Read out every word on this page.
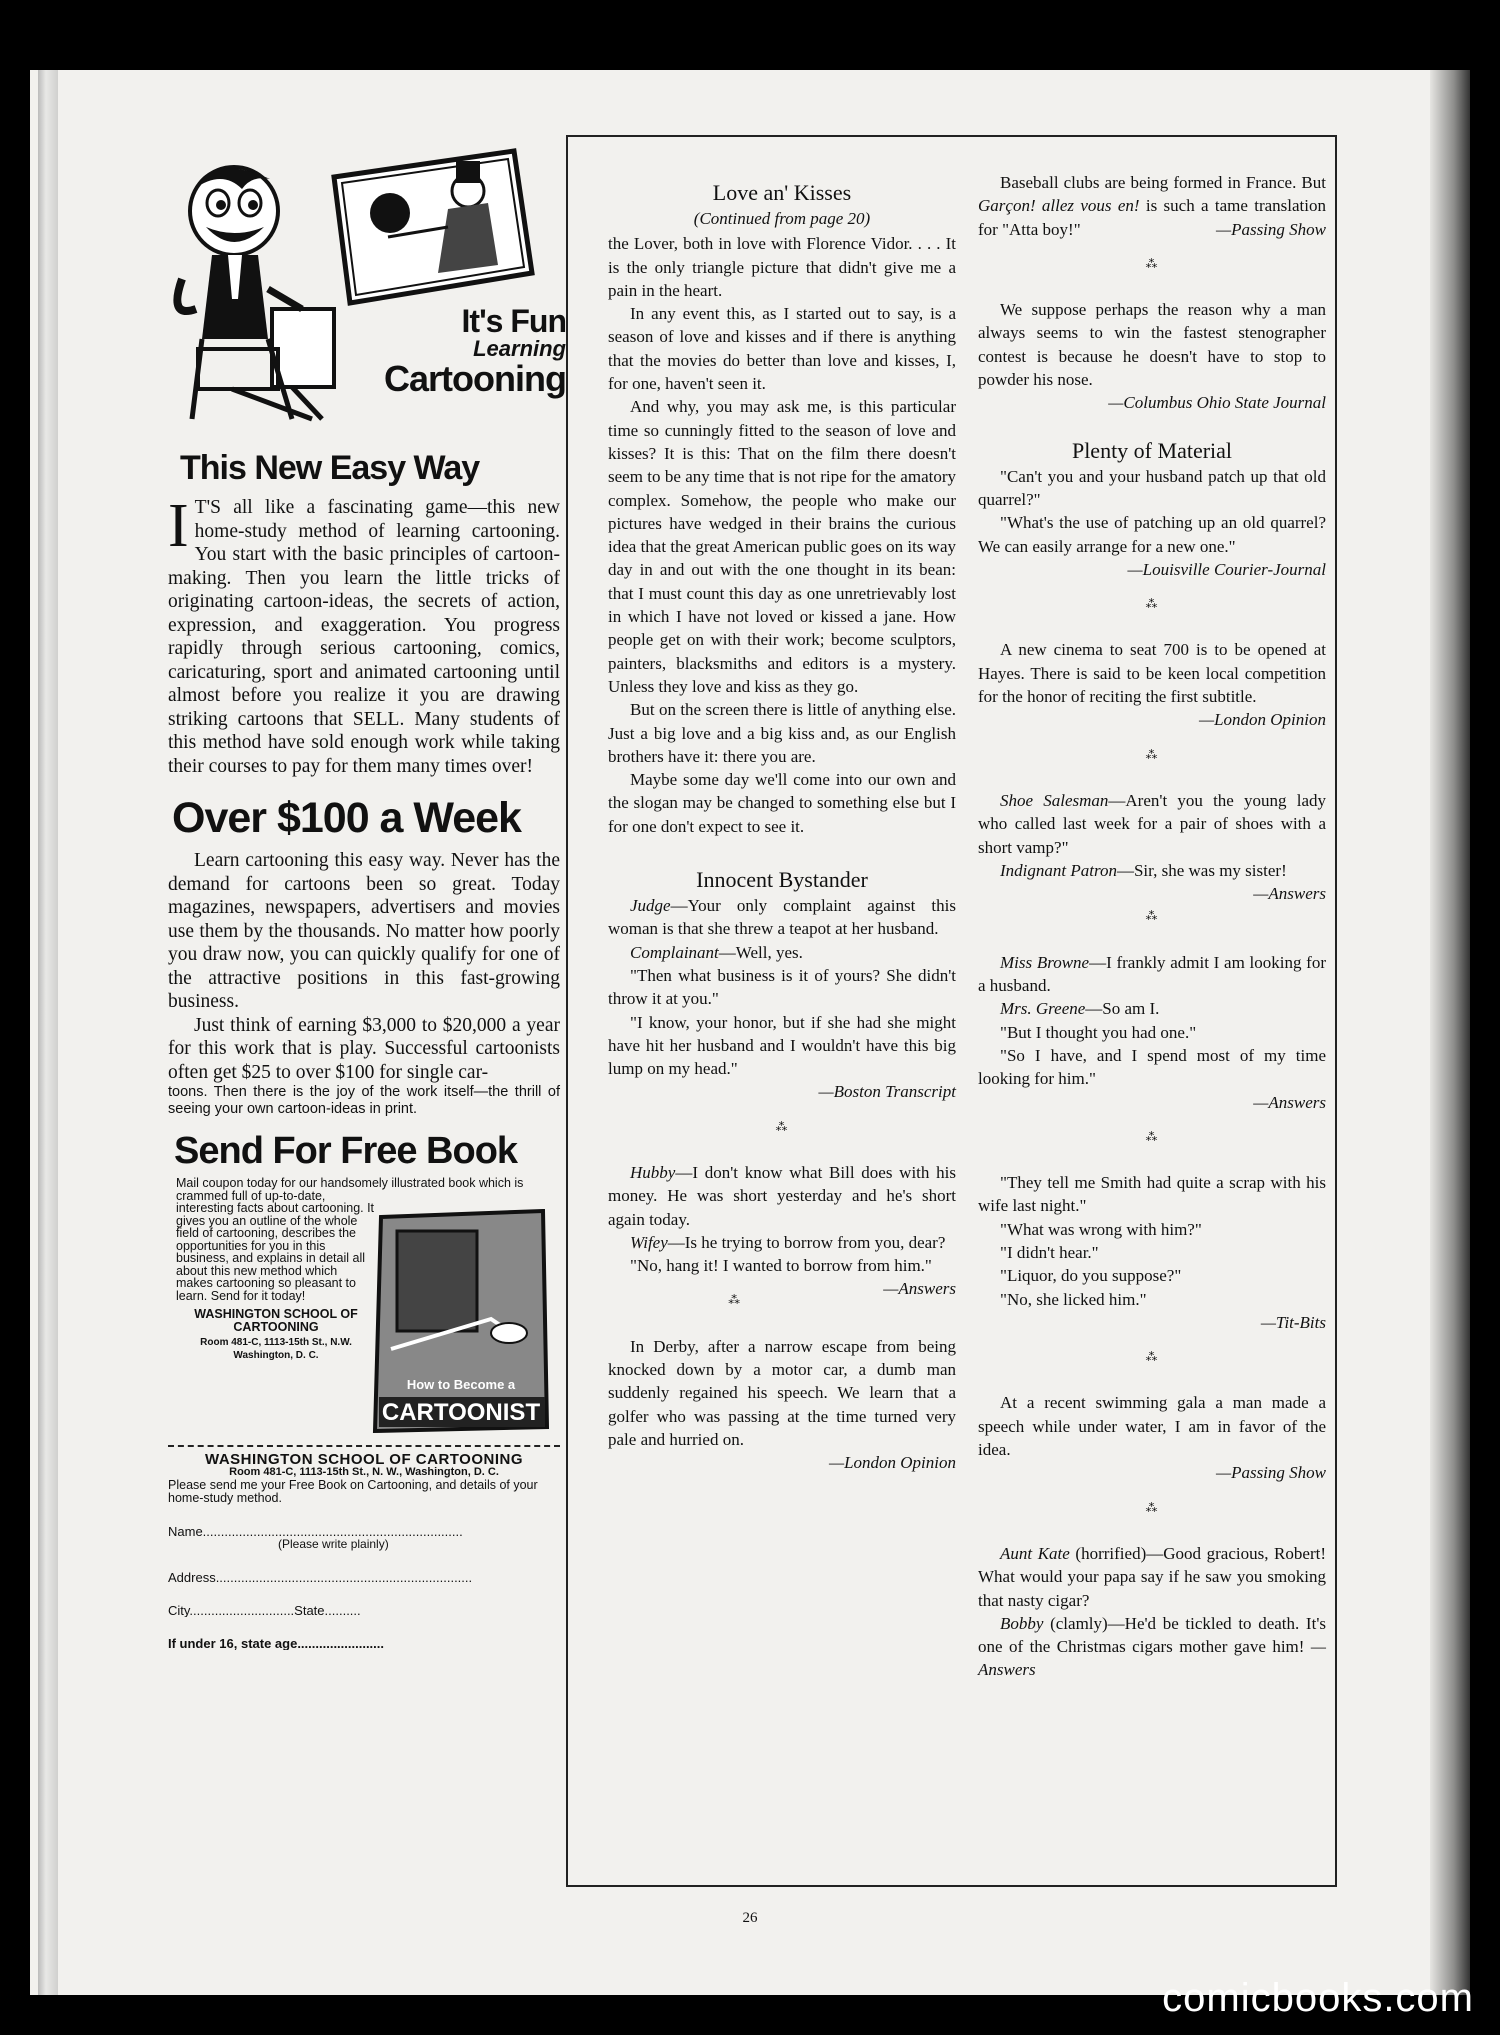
It's Fun
Learning
Cartooning
This New Easy Way
I T'S all like a fascinating game—this new home-study method of learning cartooning. You start with the basic principles of cartoon-making. Then you learn the little tricks of originating cartoon-ideas, the secrets of action, expression, and exaggeration. You progress rapidly through serious cartooning, comics, caricaturing, sport and animated cartooning until almost before you realize it you are drawing striking cartoons that SELL. Many students of this method have sold enough work while taking their courses to pay for them many times over!
Over $100 a Week

Learn cartooning this easy way. Never has the demand for cartoons been so great. Today magazines, newspapers, advertisers and movies use them by the thousands. No matter how poorly you draw now, you can quickly qualify for one of the attractive positions in this fast-growing business.

Just think of earning $3,000 to $20,000 a year for this work that is play. Successful cartoonists often get $25 to over $100 for single car-

toons. Then there is the joy of the work itself—the thrill of seeing your own cartoon-ideas in print.
Send For Free Book
Mail coupon today for our handsomely illustrated book which is crammed full of up-to-date,
interesting facts about cartooning. It gives you an outline of the whole field of cartooning, describes the opportunities for you in this business, and explains in detail all about this new method which makes cartooning so pleasant to learn. Send for it today!
WASHINGTON SCHOOL OF CARTOONING
Room 481-C, 1113-15th St., N.W. Washington, D. C.
How to Become a
CARTOONIST
WASHINGTON SCHOOL OF CARTOONING
Room 481-C, 1113-15th St., N. W., Washington, D. C.
Please send me your Free Book on Cartooning, and details of your home-study method.
Name........................................................................
(Please write plainly)
Address.......................................................................
City.............................State..........
If under 16, state age........................
Love an' Kisses
(Continued from page 20)

the Lover, both in love with Florence Vidor. . . . It is the only triangle picture that didn't give me a pain in the heart.

In any event this, as I started out to say, is a season of love and kisses and if there is anything that the movies do better than love and kisses, I, for one, haven't seen it.

And why, you may ask me, is this particular time so cunningly fitted to the season of love and kisses? It is this: That on the film there doesn't seem to be any time that is not ripe for the amatory complex. Somehow, the people who make our pictures have wedged in their brains the curious idea that the great American public goes on its way day in and out with the one thought in its bean: that I must count this day as one unretrievably lost in which I have not loved or kissed a jane. How people get on with their work; become sculptors, painters, blacksmiths and editors is a mystery. Unless they love and kiss as they go.

But on the screen there is little of anything else. Just a big love and a big kiss and, as our English brothers have it: there you are.

Maybe some day we'll come into our own and the slogan may be changed to something else but I for one don't expect to see it.

Innocent Bystander

Judge—Your only complaint against this woman is that she threw a teapot at her husband.

Complainant—Well, yes.

"Then what business is it of yours? She didn't throw it at you."

"I know, your honor, but if she had she might have hit her husband and I wouldn't have this big lump on my head."

—Boston Transcript

⁂

Hubby—I don't know what Bill does with his money. He was short yesterday and he's short again today.

Wifey—Is he trying to borrow from you, dear?

"No, hang it! I wanted to borrow from him."
—Answers

⁂

In Derby, after a narrow escape from being knocked down by a motor car, a dumb man suddenly regained his speech. We learn that a golfer who was passing at the time turned very pale and hurried on.

—London Opinion

Baseball clubs are being formed in France. But Garçon! allez vous en! is such a tame translation for "Atta boy!"	—Passing Show

⁂

We suppose perhaps the reason why a man always seems to win the fastest stenographer contest is because he doesn't have to stop to powder his nose.

—Columbus Ohio State Journal

Plenty of Material

"Can't you and your husband patch up that old quarrel?"

"What's the use of patching up an old quarrel? We can easily arrange for a new one."

—Louisville Courier-Journal

⁂

A new cinema to seat 700 is to be opened at Hayes. There is said to be keen local competition for the honor of reciting the first subtitle.

—London Opinion

⁂

Shoe Salesman—Aren't you the young lady who called last week for a pair of shoes with a short vamp?"

Indignant Patron—Sir, she was my sister!
—Answers

⁂

Miss Browne—I frankly admit I am looking for a husband.

Mrs. Greene—So am I.

"But I thought you had one."

"So I have, and I spend most of my time looking for him."

—Answers

⁂

"They tell me Smith had quite a scrap with his wife last night."

"What was wrong with him?"

"I didn't hear."

"Liquor, do you suppose?"

"No, she licked him."

—Tit-Bits

⁂

At a recent swimming gala a man made a speech while under water, I am in favor of the idea.

—Passing Show

⁂

Aunt Kate (horrified)—Good gracious, Robert! What would your papa say if he saw you smoking that nasty cigar?

Bobby (clamly)—He'd be tickled to death. It's one of the Christmas cigars mother gave him! —Answers

26
comicbooks.com
